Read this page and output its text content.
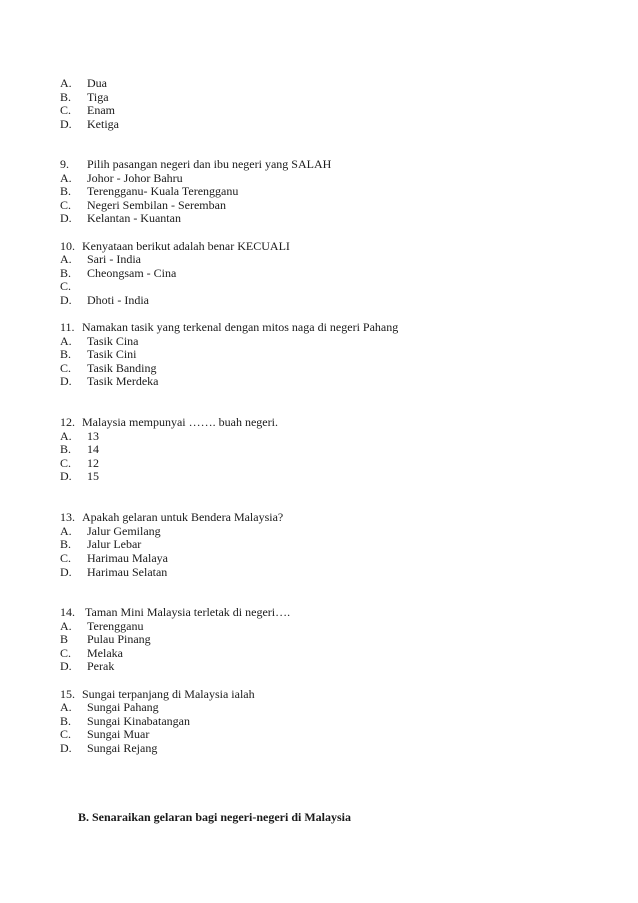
A. Dua
B. Tiga
C. Enam
D. Ketiga
9. Pilih pasangan negeri dan ibu negeri yang SALAH
A. Johor - Johor Bahru
B. Terengganu- Kuala Terengganu
C. Negeri Sembilan - Seremban
D. Kelantan - Kuantan
10. Kenyataan berikut adalah benar KECUALI
A. Sari - India
B. Cheongsam - Cina
C.
D. Dhoti - India
11. Namakan tasik yang terkenal dengan mitos naga di negeri Pahang
A. Tasik Cina
B. Tasik Cini
C. Tasik Banding
D. Tasik Merdeka
12. Malaysia mempunyai ……. buah negeri.
A. 13
B. 14
C. 12
D. 15
13. Apakah gelaran untuk Bendera Malaysia?
A. Jalur Gemilang
B. Jalur Lebar
C. Harimau Malaya
D. Harimau Selatan
14. Taman Mini Malaysia terletak di negeri….
A. Terengganu
B Pulau Pinang
C. Melaka
D. Perak
15. Sungai terpanjang di Malaysia ialah
A. Sungai Pahang
B. Sungai Kinabatangan
C. Sungai Muar
D. Sungai Rejang
B. Senaraikan gelaran bagi negeri-negeri di Malaysia
